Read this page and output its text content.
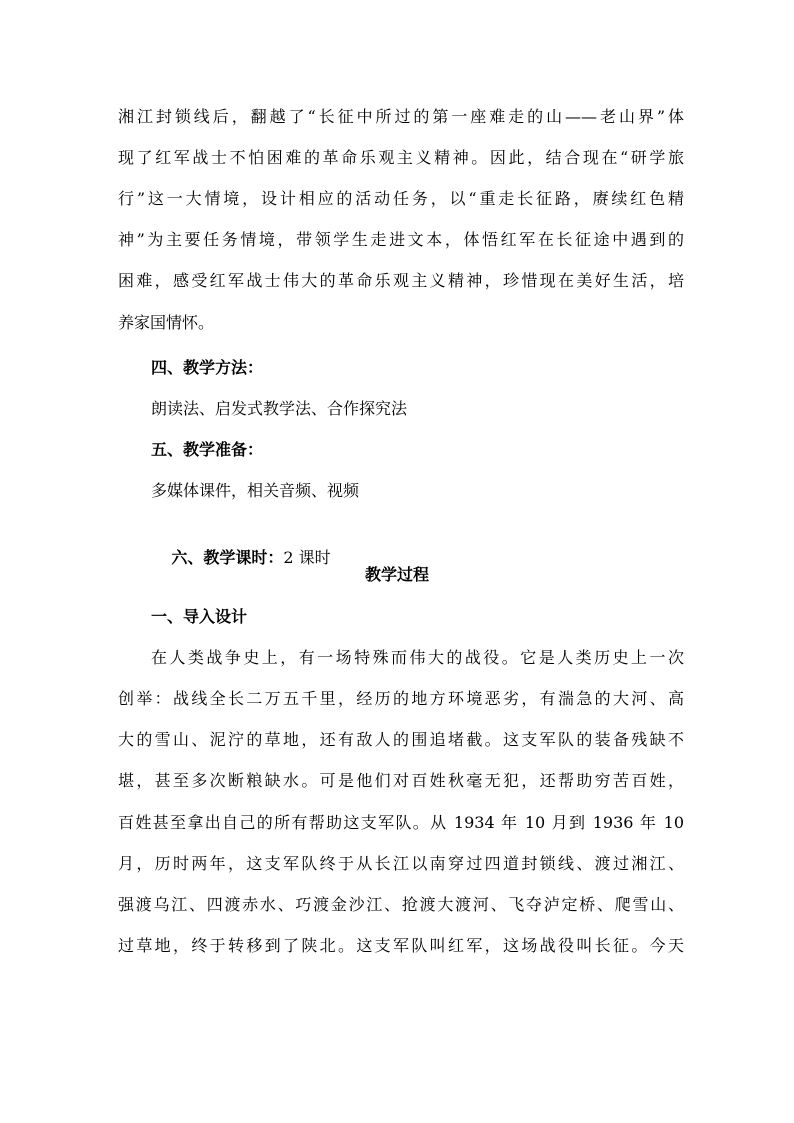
湘江封锁线后，翻越了“长征中所过的第一座难走的山——老山界”体
现了红军战士不怕困难的革命乐观主义精神。因此，结合现在“研学旅
行”这一大情境，设计相应的活动任务，以“重走长征路，赓续红色精
神”为主要任务情境，带领学生走进文本，体悟红军在长征途中遇到的
困难，感受红军战士伟大的革命乐观主义精神，珍惜现在美好生活，培
养家国情怀。
四、教学方法：
朗读法、启发式教学法、合作探究法
五、教学准备：
多媒体课件，相关音频、视频

六、教学课时：2 课时

教学过程
一、导入设计
在人类战争史上，有一场特殊而伟大的战役。它是人类历史上一次
创举：战线全长二万五千里，经历的地方环境恶劣，有湍急的大河、高
大的雪山、泥泞的草地，还有敌人的围追堵截。这支军队的装备残缺不
堪，甚至多次断粮缺水。可是他们对百姓秋毫无犯，还帮助穷苦百姓，
百姓甚至拿出自己的所有帮助这支军队。从 1934 年 10 月到 1936 年 10
月，历时两年，这支军队终于从长江以南穿过四道封锁线、渡过湘江、
强渡乌江、四渡赤水、巧渡金沙江、抢渡大渡河、飞夺泸定桥、爬雪山、
过草地，终于转移到了陕北。这支军队叫红军，这场战役叫长征。今天
